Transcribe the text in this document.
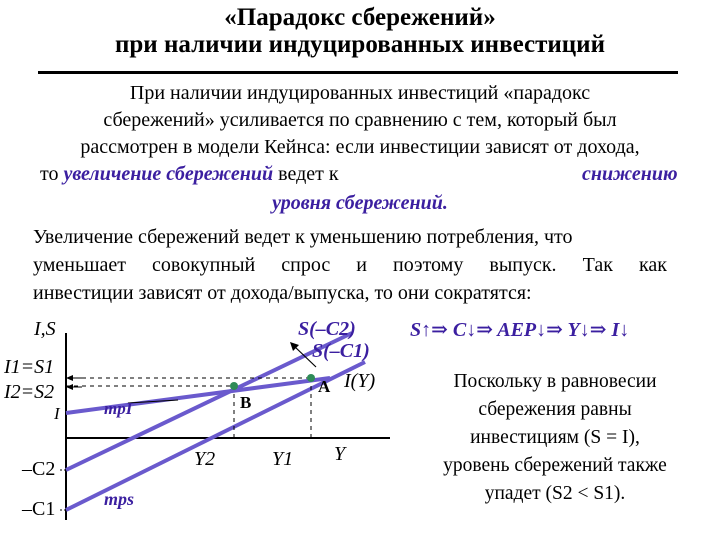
«Парадокс сбережений»
при наличии индуцированных инвестиций
При наличии индуцированных инвестиций «парадокс
сбережений» усиливается по сравнению с тем, который был
рассмотрен в модели Кейнса: если инвестиции зависят от дохода,
то увеличение сбережений ведет к	снижению
уровня сбережений.
Увеличение сбережений ведет к уменьшению потребления, что
уменьшает совокупный спрос и поэтому выпуск. Так как
инвестиции зависят от дохода/выпуска, то они сократятся:
I,S
Y
S(–C2)
S(–C1)
I(Y)
A
B
Y2	Y1
I1=S1
I2=S2
I	mpI
mps
–C2
–C1
S↑⇒ C↓⇒ AEP↓⇒ Y↓⇒ I↓
Поскольку в равновесии
сбережения равны
инвестициям (S = I),
уровень сбережений также
упадет (S2 < S1).
